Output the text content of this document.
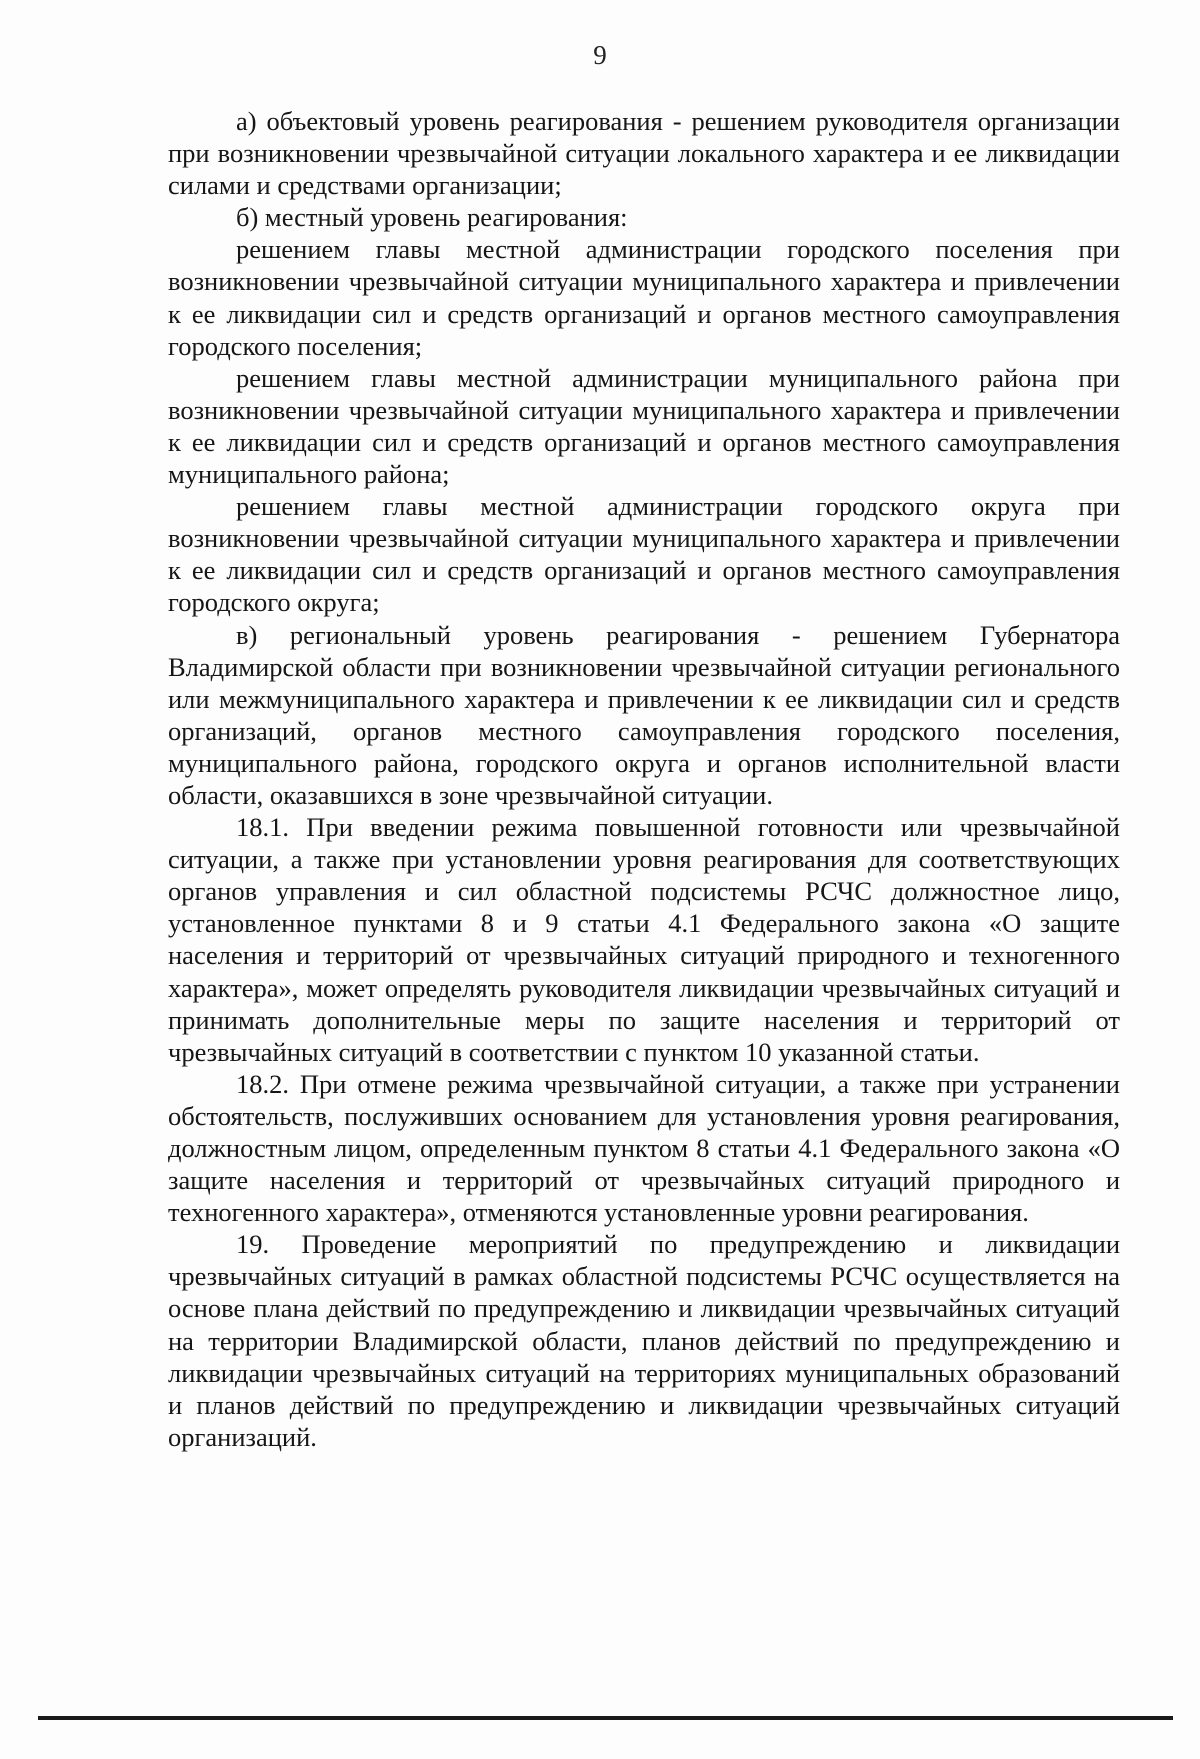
9

а) объектовый уровень реагирования - решением руководителя организации при возникновении чрезвычайной ситуации локального характера и ее ликвидации силами и средствами организации;

б) местный уровень реагирования:

решением главы местной администрации городского поселения при возникновении чрезвычайной ситуации муниципального характера и привлечении к ее ликвидации сил и средств организаций и органов местного самоуправления городского поселения;

решением главы местной администрации муниципального района при возникновении чрезвычайной ситуации муниципального характера и привлечении к ее ликвидации сил и средств организаций и органов местного самоуправления муниципального района;

решением главы местной администрации городского округа при возникновении чрезвычайной ситуации муниципального характера и привлечении к ее ликвидации сил и средств организаций и органов местного самоуправления городского округа;

в) региональный уровень реагирования - решением Губернатора Владимирской области при возникновении чрезвычайной ситуации регионального или межмуниципального характера и привлечении к ее ликвидации сил и средств организаций, органов местного самоуправления городского поселения, муниципального района, городского округа и органов исполнительной власти области, оказавшихся в зоне чрезвычайной ситуации.

18.1. При введении режима повышенной готовности или чрезвычайной ситуации, а также при установлении уровня реагирования для соответствующих органов управления и сил областной подсистемы РСЧС должностное лицо, установленное пунктами 8 и 9 статьи 4.1 Федерального закона «О защите населения и территорий от чрезвычайных ситуаций природного и техногенного характера», может определять руководителя ликвидации чрезвычайных ситуаций и принимать дополнительные меры по защите населения и территорий от чрезвычайных ситуаций в соответствии с пунктом 10 указанной статьи.

18.2. При отмене режима чрезвычайной ситуации, а также при устранении обстоятельств, послуживших основанием для установления уровня реагирования, должностным лицом, определенным пунктом 8 статьи 4.1 Федерального закона «О защите населения и территорий от чрезвычайных ситуаций природного и техногенного характера», отменяются установленные уровни реагирования.

19. Проведение мероприятий по предупреждению и ликвидации чрезвычайных ситуаций в рамках областной подсистемы РСЧС осуществляется на основе плана действий по предупреждению и ликвидации чрезвычайных ситуаций на территории Владимирской области, планов действий по предупреждению и ликвидации чрезвычайных ситуаций на территориях муниципальных образований и планов действий по предупреждению и ликвидации чрезвычайных ситуаций организаций.
